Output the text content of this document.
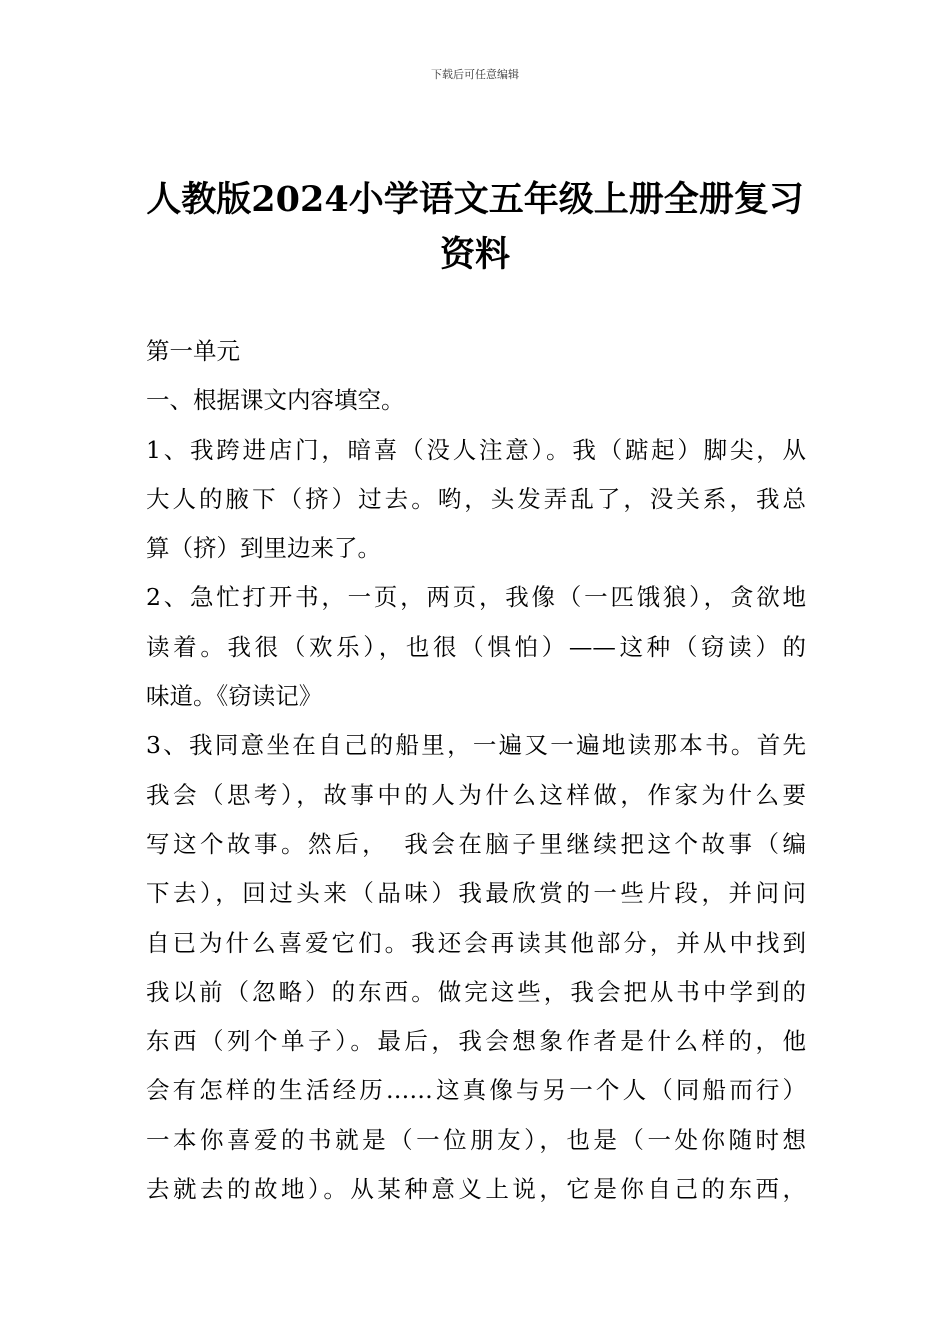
下载后可任意编辑
人教版2024小学语文五年级上册全册复习
资料
第一单元
一、根据课文内容填空。
1、我跨进店门，暗喜（没人注意）。我（踮起）脚尖，从
大人的腋下（挤）过去。哟，头发弄乱了，没关系，我总
算（挤）到里边来了。
2、急忙打开书，一页，两页，我像（一匹饿狼），贪欲地
读着。我很（欢乐），也很（惧怕）——这种（窃读）的
味道。《窃读记》
3、我同意坐在自己的船里，一遍又一遍地读那本书。首先
我会（思考），故事中的人为什么这样做，作家为什么要
写这个故事。然后，　我会在脑子里继续把这个故事（编
下去），回过头来（品味）我最欣赏的一些片段，并问问
自已为什么喜爱它们。我还会再读其他部分，并从中找到
我以前（忽略）的东西。做完这些，我会把从书中学到的
东西（列个单子）。最后，我会想象作者是什么样的，他
会有怎样的生活经历……这真像与另一个人（同船而行）
一本你喜爱的书就是（一位朋友），也是（一处你随时想
去就去的故地）。从某种意义上说，它是你自己的东西，
